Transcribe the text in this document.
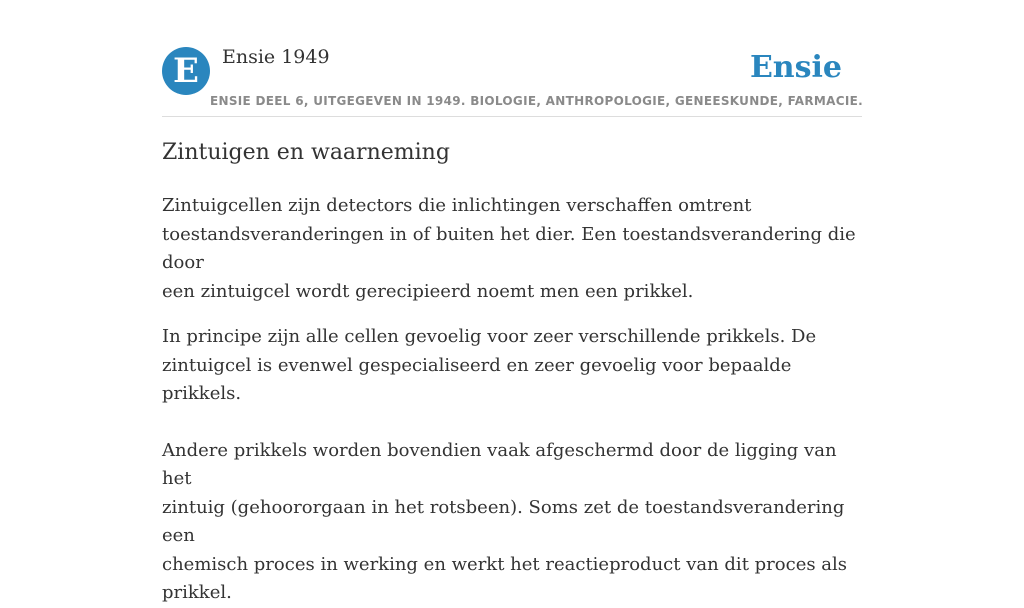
E	Ensie 1949
ENSIE DEEL 6, UITGEGEVEN IN 1949. BIOLOGIE, ANTHROPOLOGIE, GENEESKUNDE, FARMACIE.
Ensie
Zintuigen en waarneming

Zintuigcellen zijn detectors die inlichtingen verschaffen omtrent
toestandsveranderingen in of buiten het dier. Een toestandsverandering die door
een zintuigcel wordt gerecipieerd noemt men een prikkel.

In principe zijn alle cellen gevoelig voor zeer verschillende prikkels. De
zintuigcel is evenwel gespecialiseerd en zeer gevoelig voor bepaalde prikkels.

Andere prikkels worden bovendien vaak afgeschermd door de ligging van het
zintuig (gehoororgaan in het rotsbeen). Soms zet de toestandsverandering een
chemisch proces in werking en werkt het reactieproduct van dit proces als
prikkel.
